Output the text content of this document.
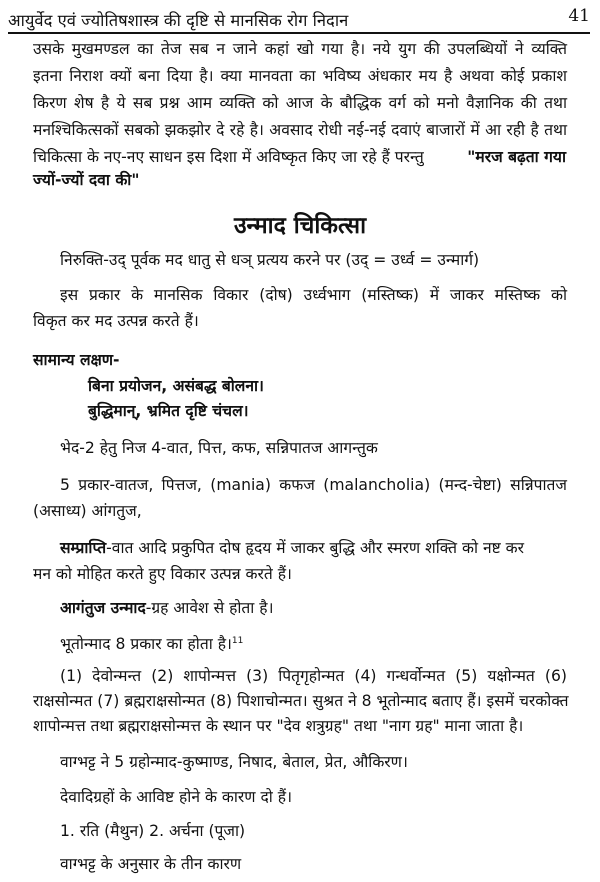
आयुर्वेद एवं ज्योतिषशास्त्र की दृष्टि से मानसिक रोग निदान	41
उसके मुखमण्डल का तेज सब न जाने कहां खो गया है। नये युग की उपलब्धियों ने व्यक्ति
इतना निराश क्यों बना दिया है। क्या मानवता का भविष्य अंधकार मय है अथवा कोई प्रकाश
किरण शेष है ये सब प्रश्न आम व्यक्ति को आज के बौद्धिक वर्ग को मनो वैज्ञानिक की तथा
मनश्चिकित्सकों सबको झकझोर दे रहे है। अवसाद रोधी नई-नई दवाएं बाजारों में आ रही है तथा
चिकित्सा के नए-नए साधन इस दिशा में अविष्कृत किए जा रहे हैं परन्तु	"मरज बढ़ता गया
ज्यों-ज्यों दवा की"
उन्माद चिकित्सा
निरुक्ति-उद् पूर्वक मद धातु से धञ् प्रत्यय करने पर (उद् = उर्ध्व = उन्मार्ग)
इस प्रकार के मानसिक विकार (दोष) उर्ध्वभाग (मस्तिष्क) में जाकर मस्तिष्क को
विकृत कर मद उत्पन्न करते हैं।
सामान्य लक्षण-
बिना प्रयोजन, असंबद्ध बोलना।
बुद्धिमान्, भ्रमित दृष्टि चंचल।
भेद-2 हेतु निज 4-वात, पित्त, कफ, सन्निपातज आगन्तुक
5 प्रकार-वातज, पित्तज, (mania) कफज (malancholia) (मन्द-चेष्टा) सन्निपातज
(असाध्य) आंगतुज,
सम्प्राप्ति-वात आदि प्रकुपित दोष हृदय में जाकर बुद्धि और स्मरण शक्ति को नष्ट कर
मन को मोहित करते हुए विकार उत्पन्न करते हैं।
आगंतुज उन्माद-ग्रह आवेश से होता है।
भूतोन्माद 8 प्रकार का होता है।$^{11}$
(1) देवोन्मन्त (2) शापोन्मत्त (3) पितृगृहोन्मत (4) गन्धर्वोन्मत (5) यक्षोन्मत (6)
राक्षसोन्मत (7) ब्रह्मराक्षसोन्मत (8) पिशाचोन्मत। सुश्रत ने 8 भूतोन्माद बताए हैं। इसमें चरकोक्त
शापोन्मत्त तथा ब्रह्मराक्षसोन्मत्त के स्थान पर "देव शत्रुग्रह" तथा "नाग ग्रह" माना जाता है।
वाग्भट्ट ने 5 ग्रहोन्माद-कुष्माण्ड, निषाद, बेताल, प्रेत, औकिरण।
देवादिग्रहों के आविष्ट होने के कारण दो हैं।
1. रति (मैथुन) 2. अर्चना (पूजा)
वाग्भट्ट के अनुसार के तीन कारण
